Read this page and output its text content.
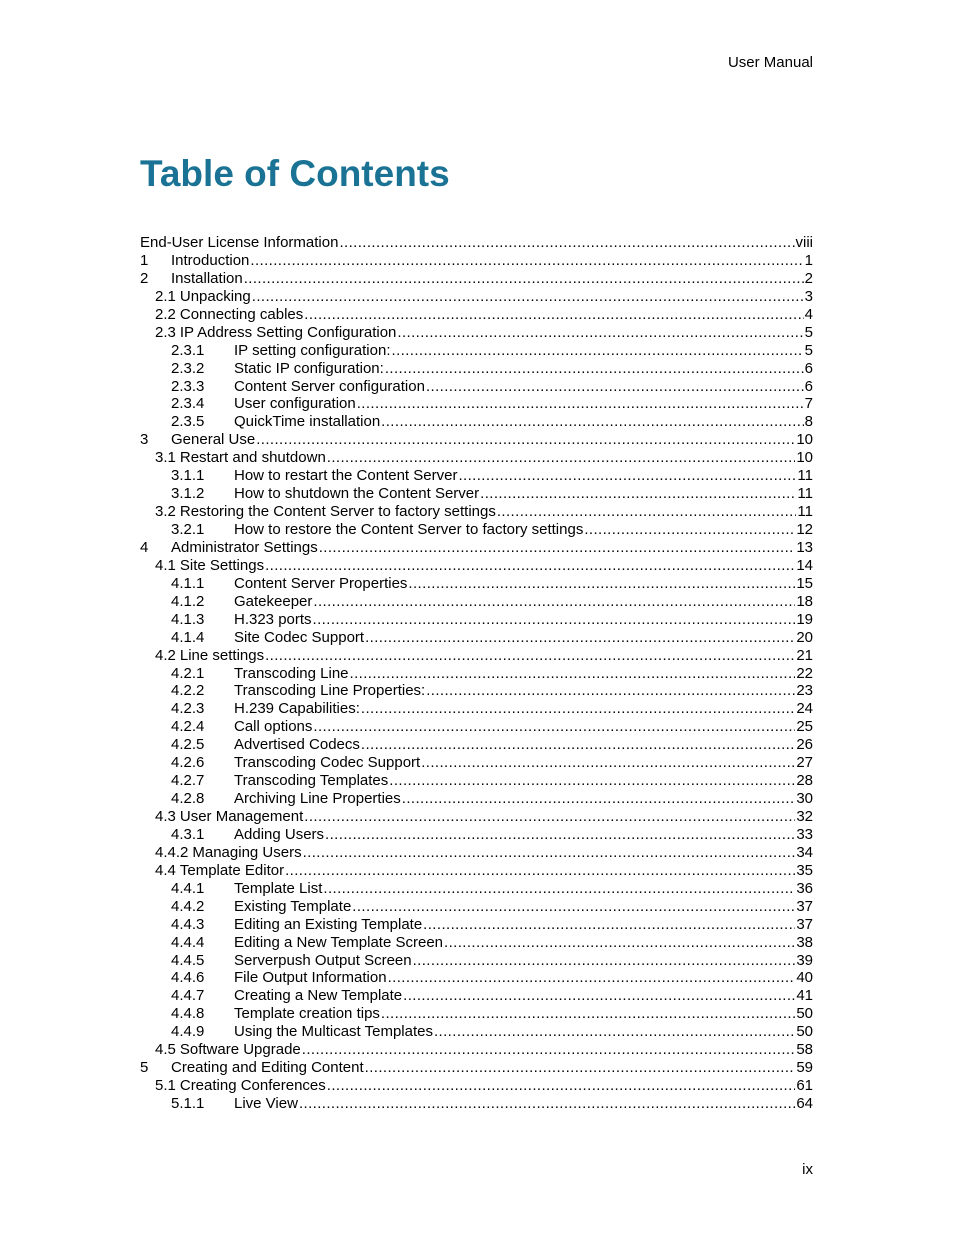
User Manual
Table of Contents
End-User License Information .....	viii
1	Introduction .....	1
2	Installation .....	2
2.1 Unpacking .....	3
2.2 Connecting cables .....	4
2.3 IP Address Setting Configuration .....	5
2.3.1	IP setting configuration: .....	5
2.3.2	Static IP configuration: .....	6
2.3.3	Content Server configuration .....	6
2.3.4	User configuration .....	7
2.3.5	QuickTime installation .....	8
3	General Use .....	10
3.1 Restart and shutdown .....	10
3.1.1	How to restart the Content Server .....	11
3.1.2	How to shutdown the Content Server .....	11
3.2 Restoring the Content Server to factory settings .....	11
3.2.1	How to restore the Content Server to factory settings .....	12
4	Administrator Settings .....	13
4.1 Site Settings .....	14
4.1.1	Content Server Properties .....	15
4.1.2	Gatekeeper .....	18
4.1.3	H.323 ports .....	19
4.1.4	Site Codec Support .....	20
4.2 Line settings .....	21
4.2.1	Transcoding Line .....	22
4.2.2	Transcoding Line Properties: .....	23
4.2.3	H.239 Capabilities: .....	24
4.2.4	Call options .....	25
4.2.5	Advertised Codecs .....	26
4.2.6	Transcoding Codec Support .....	27
4.2.7	Transcoding Templates .....	28
4.2.8	Archiving Line Properties .....	30
4.3 User Management .....	32
4.3.1	Adding Users .....	33
4.4.2 Managing Users .....	34
4.4 Template Editor .....	35
4.4.1	Template List .....	36
4.4.2	Existing Template .....	37
4.4.3	Editing an Existing Template .....	37
4.4.4	Editing a New Template Screen .....	38
4.4.5	Serverpush Output Screen .....	39
4.4.6	File Output Information .....	40
4.4.7	Creating a New Template .....	41
4.4.8	Template creation tips .....	50
4.4.9	Using the Multicast Templates .....	50
4.5 Software Upgrade .....	58
5	Creating and Editing Content .....	59
5.1 Creating Conferences .....	61
5.1.1	Live View .....	64
ix
